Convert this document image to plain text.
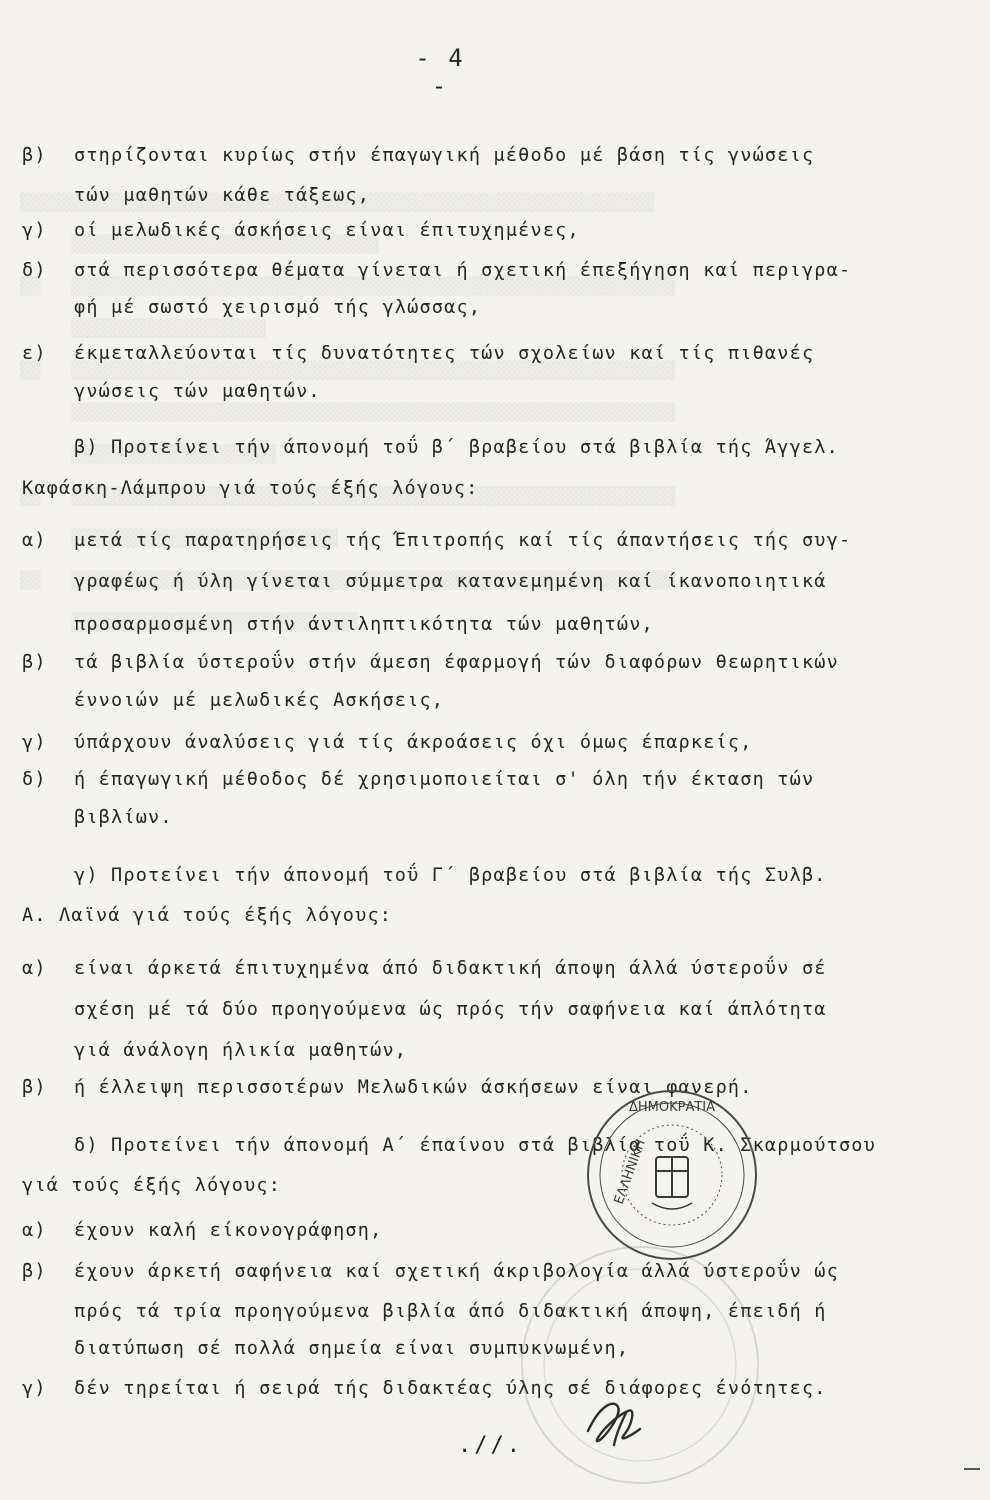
- 4 -
β) στηρίζονται κυρίως στήν έπαγωγική μέθοδο μέ βάση τίς γνώσεις
τών μαθητών κάθε τάξεως,
γ) οί μελωδικές άσκήσεις είναι έπιτυχημένες,
δ) στά περισσότερα θέματα γίνεται ή σχετική έπεξήγηση καί περιγρα-
φή μέ σωστό χειρισμό τής γλώσσας,
ε) έκμεταλλεύονται τίς δυνατότητες τών σχολείων καί τίς πιθανές
γνώσεις τών μαθητών.
β) Προτείνει τήν άπονομή τοΰ β΄ βραβείου στά βιβλία τής Άγγελ.
Καφάσκη-Λάμπρου γιά τούς έξής λόγους:
α) μετά τίς παρατηρήσεις τής Έπιτροπής καί τίς άπαντήσεις τής συγ-
γραφέως ή ύλη γίνεται σύμμετρα κατανεμημένη καί ίκανοποιητικά
προσαρμοσμένη στήν άντιληπτικότητα τών μαθητών,
β) τά βιβλία ύστεροΰν στήν άμεση έφαρμογή τών διαφόρων θεωρητικών
έννοιών μέ μελωδικές Ασκήσεις,
γ) ύπάρχουν άναλύσεις γιά τίς άκροάσεις όχι όμως έπαρκείς,
δ) ή έπαγωγική μέθοδος δέ χρησιμοποιείται σ' όλη τήν έκταση τών
βιβλίων.
γ) Προτείνει τήν άπονομή τοΰ Γ΄ βραβείου στά βιβλία τής Συλβ.
Α. Λαϊνά γιά τούς έξής λόγους:
α) είναι άρκετά έπιτυχημένα άπό διδακτική άποψη άλλά ύστεροΰν σέ
σχέση μέ τά δύο προηγούμενα ώς πρός τήν σαφήνεια καί άπλότητα
γιά άνάλογη ήλικία μαθητών,
β) ή έλλειψη περισσοτέρων Μελωδικών άσκήσεων είναι φανερή.
δ) Προτείνει τήν άπονομή Α΄ έπαίνου στά βιβλία τοΰ Κ. Σκαρμούτσου
γιά τούς έξής λόγους:
α) έχουν καλή είκονογράφηση,
β) έχουν άρκετή σαφήνεια καί σχετική άκριβολογία άλλά ύστεροΰν ώς
πρός τά τρία προηγούμενα βιβλία άπό διδακτική άποψη, έπειδή ή
διατύπωση σέ πολλά σημεία είναι συμπυκνωμένη,
γ) δέν τηρείται ή σειρά τής διδακτέας ύλης σέ διάφορες ένότητες.
ΔΗΜΟΚΡΑΤΙΑ
ΕΛΛΗΝΙΚΗ
.//.
